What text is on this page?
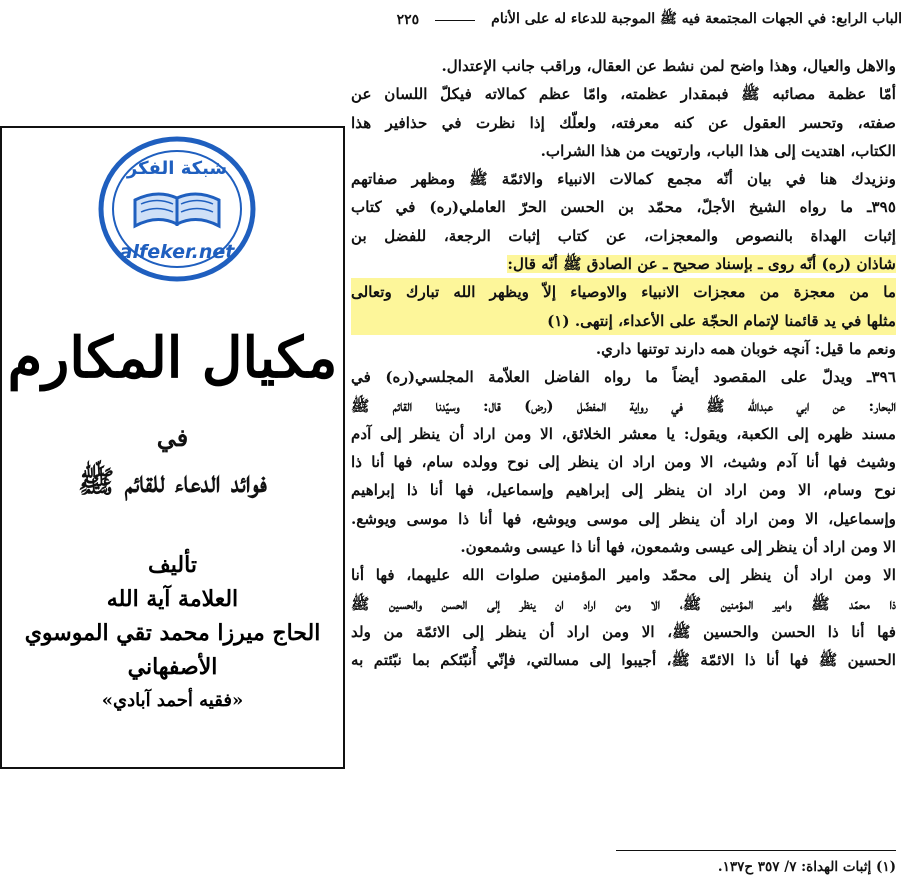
الباب الرابع: في الجهات المجتمعة فيه ﷺ الموجبة للدعاء له على الأنام
٢٢٥
والاهل والعيال، وهذا واضح لمن نشط عن العقال، وراقب جانب الإعتدال.
أمّا عظمة مصائبه ﷺ فبمقدار عظمته، وامّا عظم كمالاته فيكلّ اللسان عن
صفته، وتحسر العقول عن كنه معرفته، ولعلّك إذا نظرت في حذافير هذا
الكتاب، اهتديت إلى هذا الباب، وارتويت من هذا الشراب.
ونزيدك هنا في بيان أنّه مجمع كمالات الانبياء والائمّة ﷺ ومظهر صفاتهم
٣٩٥ـ ما رواه الشيخ الأجلّ، محمّد بن الحسن الحرّ العاملي(ره) في كتاب
إثبات الهداة بالنصوص والمعجزات، عن كتاب إثبات الرجعة، للفضل بن
شاذان (ره) أنّه روى ـ بإسناد صحيح ـ عن الصادق ﷺ أنّه قال:
ما من معجزة من معجزات الانبياء والاوصياء إلاّ ويظهر الله تبارك وتعالى
مثلها في يد قائمنا لإتمام الحجّة على الأعداء، إنتهى. (١)
ونعم ما قيل: آنچه خوبان همه دارند توتنها داري.
٣٩٦ـ ويدلّ على المقصود أيضاً ما رواه الفاضل العلاّمة المجلسي(ره) في
البحار: عن ابي عبدالله ﷺ في رواية المفضّل (رض) قال: وسيّدنا القائم ﷺ
مسند ظهره إلى الكعبة، ويقول: يا معشر الخلائق، الا ومن اراد أن ينظر إلى آدم
وشيث فها أنا آدم وشيث، الا ومن اراد ان ينظر إلى نوح وولده سام، فها أنا ذا
نوح وسام، الا ومن اراد ان ينظر إلى إبراهيم وإسماعيل، فها أنا ذا إبراهيم
وإسماعيل، الا ومن اراد أن ينظر إلى موسى ويوشع، فها أنا ذا موسى ويوشع.
الا ومن اراد أن ينظر إلى عيسى وشمعون، فها أنا ذا عيسى وشمعون.
الا ومن اراد أن ينظر إلى محمّد وامير المؤمنين صلوات الله عليهما، فها أنا
ذا محمّد ﷺ وامير المؤمنين ﷺ، الا ومن اراد ان ينظر إلى الحسن والحسين ﷺ
فها أنا ذا الحسن والحسين ﷺ، الا ومن اراد أن ينظر إلى الائمّة من ولد
الحسين ﷺ فها أنا ذا الائمّة ﷺ، أجيبوا إلى مسالتي، فإنّي أُنبّئكم بما نبّئتم به
(١) إثبات الهداة: ٧/ ٣٥٧ ح١٣٧.
شبكة الفكر
alfeker.net
مكيال المكارم
في
فوائد الدعاء للقائم ﷺ
تأليف
العلامة آية الله
الحاج ميرزا محمد تقي الموسوي الأصفهاني
«فقيه أحمد آبادي»
